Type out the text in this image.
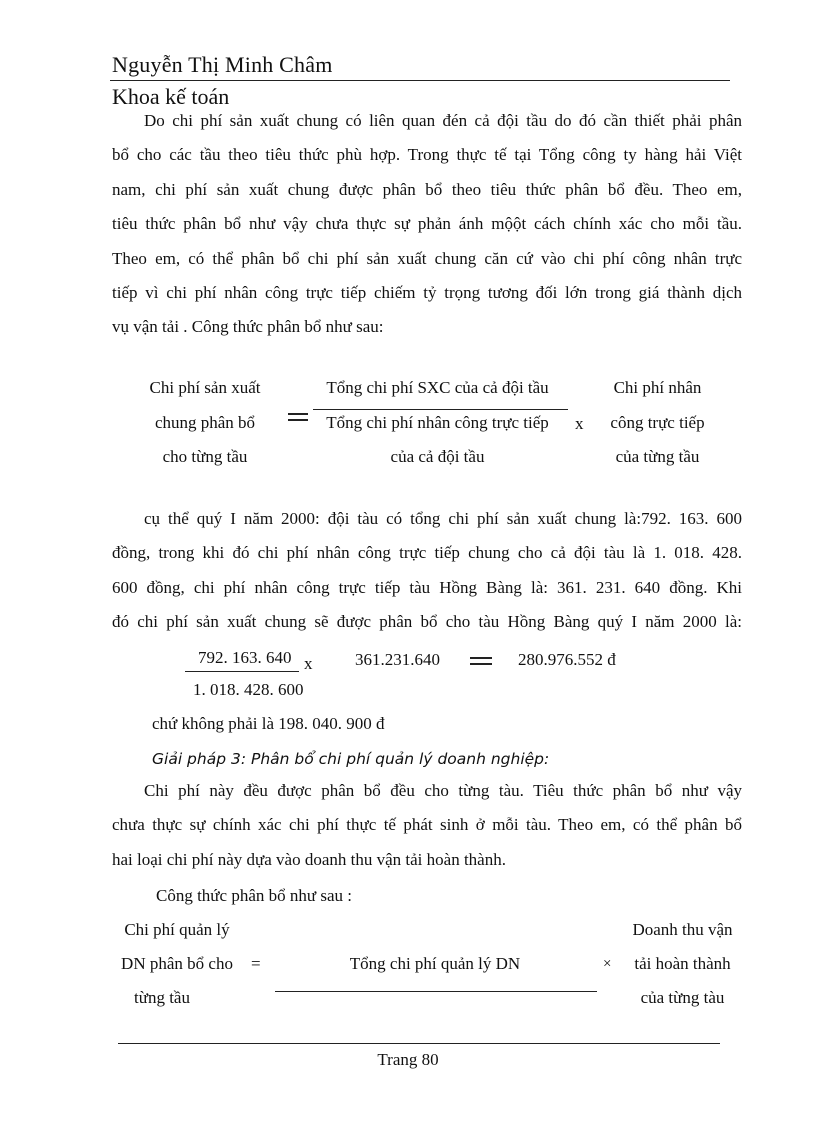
Nguyễn Thị Minh Châm
Khoa kế toán
Do chi phí sản xuất chung có liên quan đén cả đội tầu do đó cần thiết phải phân
bổ cho các tầu theo tiêu thức phù hợp. Trong thực tế tại Tổng công ty hàng hải Việt
nam, chi phí sản xuất chung được phân bổ theo tiêu thức phân bổ đều. Theo em,
tiêu thức phân bổ như vậy chưa thực sự phản ánh mộột cách chính xác cho mỗi tầu.
Theo em, có thể phân bổ chi phí sản xuất chung căn cứ vào chi phí công nhân trực
tiếp vì chi phí nhân công trực tiếp chiếm tỷ trọng tương đối lớn trong giá thành dịch
vụ vận tải . Công thức phân bổ như sau:
Chi phí sản xuất
chung phân bổ
cho từng tầu
Tổng chi phí SXC của cả đội tầu
Tổng chi phí nhân công trực tiếp
của cả đội tầu
x
Chi phí nhân
công trực tiếp
của từng tầu
cụ thể quý I năm 2000: đội tàu có tổng chi phí sản xuất chung là:792. 163. 600
đồng, trong khi đó chi phí nhân công trực tiếp chung cho cả đội tàu là 1. 018. 428.
600 đồng, chi phí nhân công trực tiếp tàu Hồng Bàng là: 361. 231. 640 đồng. Khi
đó chi phí sản xuất chung sẽ được phân bổ cho tàu Hồng Bàng quý I năm 2000 là:
792. 163. 640 x	361.231.640	280.976.552 đ
1. 018. 428. 600
chứ không phải là 198. 040. 900 đ
Giải pháp 3: Phân bổ chi phí quản lý doanh nghiệp:
Chi phí này đều được phân bổ đều cho từng tàu. Tiêu thức phân bổ như vậy
chưa thực sự chính xác chi phí thực tế phát sinh ở mỗi tàu. Theo em, có thể phân bổ
hai loại chi phí này dựa vào doanh thu vận tải hoàn thành.
Công thức phân bổ như sau :
Chi phí quản lý
DN phân bổ cho
từng tầu
=	Tổng chi phí quản lý DN	×
Doanh thu vận
tải hoàn thành
của từng tàu
Trang 80
